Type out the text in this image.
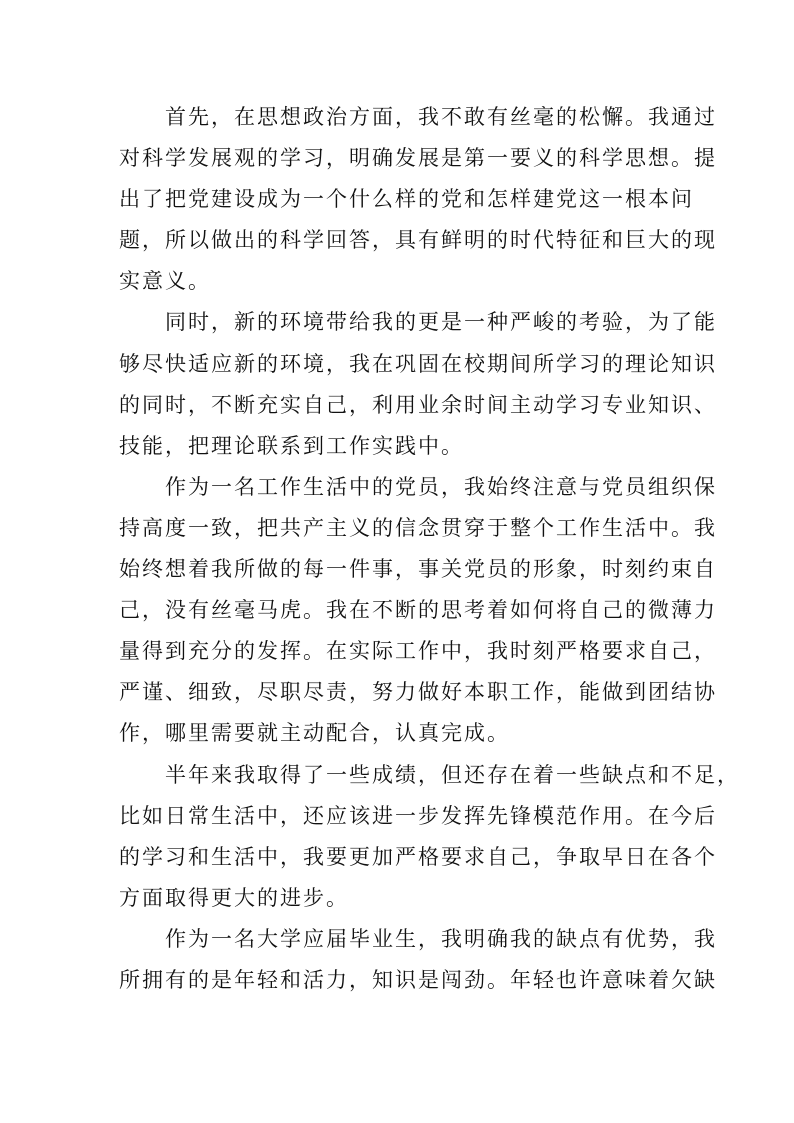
首先，在思想政治方面，我不敢有丝毫的松懈。我通过
对科学发展观的学习，明确发展是第一要义的科学思想。提
出了把党建设成为一个什么样的党和怎样建党这一根本问
题，所以做出的科学回答，具有鲜明的时代特征和巨大的现
实意义。
同时，新的环境带给我的更是一种严峻的考验，为了能
够尽快适应新的环境，我在巩固在校期间所学习的理论知识
的同时，不断充实自己，利用业余时间主动学习专业知识、
技能，把理论联系到工作实践中。
作为一名工作生活中的党员，我始终注意与党员组织保
持高度一致，把共产主义的信念贯穿于整个工作生活中。我
始终想着我所做的每一件事，事关党员的形象，时刻约束自
己，没有丝毫马虎。我在不断的思考着如何将自己的微薄力
量得到充分的发挥。在实际工作中，我时刻严格要求自己，
严谨、细致，尽职尽责，努力做好本职工作，能做到团结协
作，哪里需要就主动配合，认真完成。
半年来我取得了一些成绩，但还存在着一些缺点和不足，
比如日常生活中，还应该进一步发挥先锋模范作用。在今后
的学习和生活中，我要更加严格要求自己，争取早日在各个
方面取得更大的进步。
作为一名大学应届毕业生，我明确我的缺点有优势，我
所拥有的是年轻和活力，知识是闯劲。年轻也许意味着欠缺
